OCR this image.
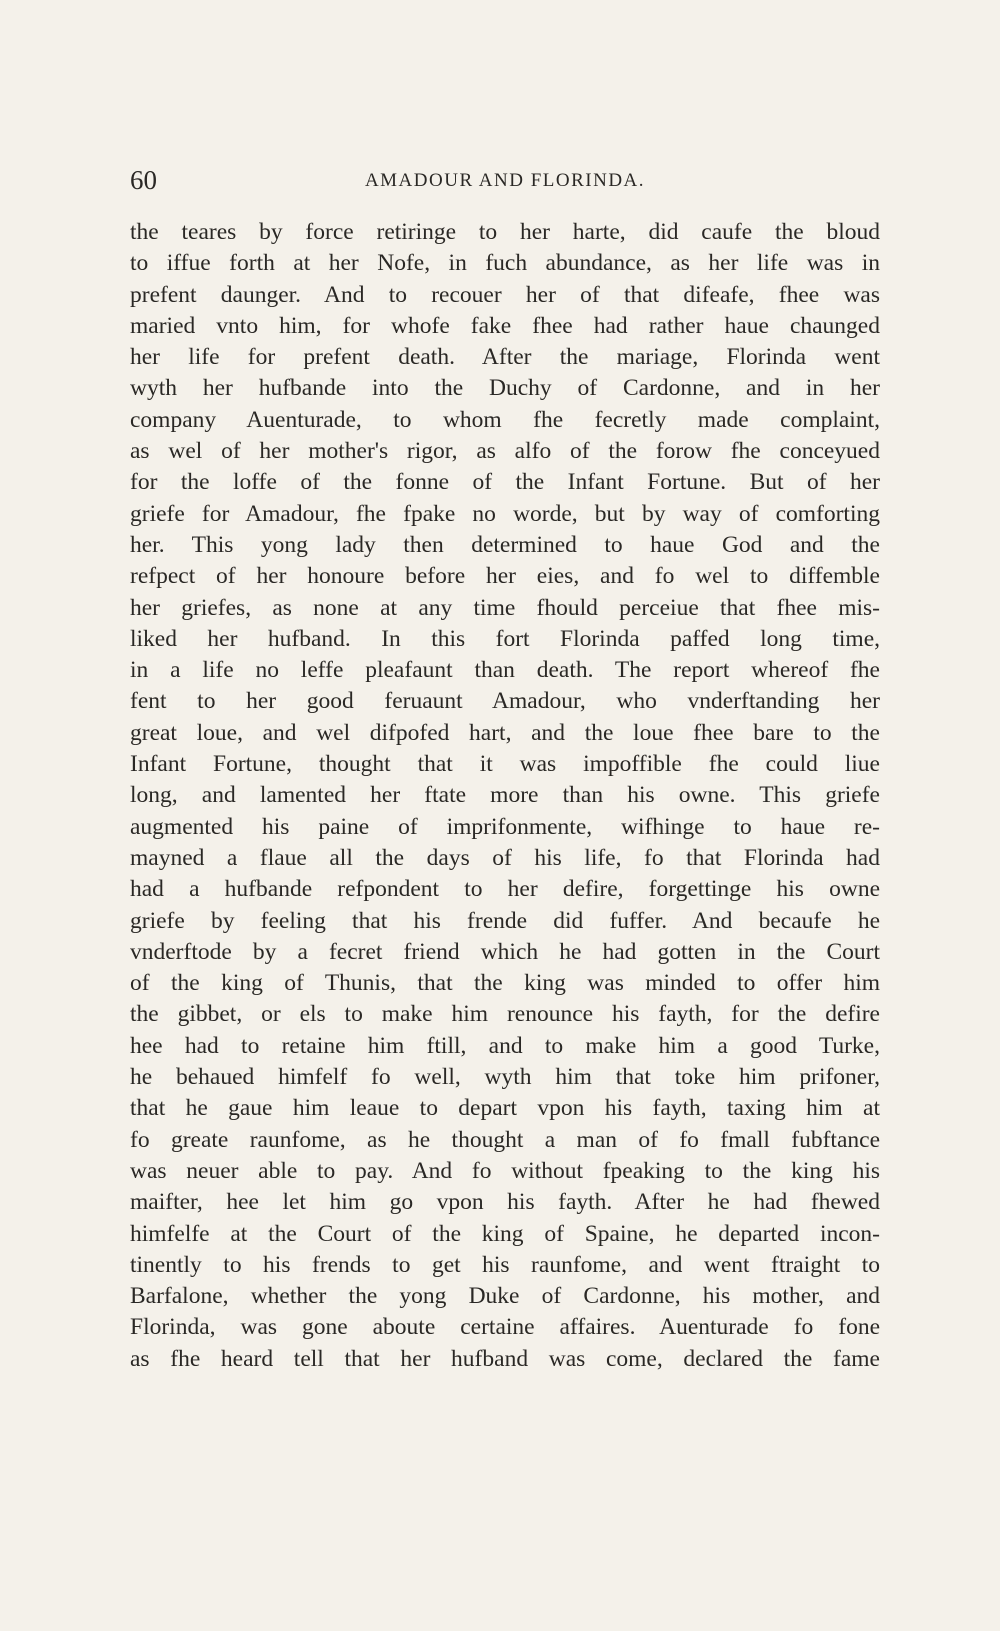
60	AMADOUR AND FLORINDA.
the teares by force retiringe to her harte, did caufe the bloud
to iffue forth at her Nofe, in fuch abundance, as her life was in
prefent daunger. And to recouer her of that difeafe, fhee was
maried vnto him, for whofe fake fhee had rather haue chaunged
her life for prefent death. After the mariage, Florinda went
wyth her hufbande into the Duchy of Cardonne, and in her
company Auenturade, to whom fhe fecretly made complaint,
as wel of her mother's rigor, as alfo of the forow fhe conceyued
for the loffe of the fonne of the Infant Fortune. But of her
griefe for Amadour, fhe fpake no worde, but by way of comforting
her. This yong lady then determined to haue God and the
refpect of her honoure before her eies, and fo wel to diffemble
her griefes, as none at any time fhould perceiue that fhee mis-
liked her hufband. In this fort Florinda paffed long time,
in a life no leffe pleafaunt than death. The report whereof fhe
fent to her good feruaunt Amadour, who vnderftanding her
great loue, and wel difpofed hart, and the loue fhee bare to the
Infant Fortune, thought that it was impoffible fhe could liue
long, and lamented her ftate more than his owne. This griefe
augmented his paine of imprifonmente, wifhinge to haue re-
mayned a flaue all the days of his life, fo that Florinda had
had a hufbande refpondent to her defire, forgettinge his owne
griefe by feeling that his frende did fuffer. And becaufe he
vnderftode by a fecret friend which he had gotten in the Court
of the king of Thunis, that the king was minded to offer him
the gibbet, or els to make him renounce his fayth, for the defire
hee had to retaine him ftill, and to make him a good Turke,
he behaued himfelf fo well, wyth him that toke him prifoner,
that he gaue him leaue to depart vpon his fayth, taxing him at
fo greate raunfome, as he thought a man of fo fmall fubftance
was neuer able to pay. And fo without fpeaking to the king his
maifter, hee let him go vpon his fayth. After he had fhewed
himfelfe at the Court of the king of Spaine, he departed incon-
tinently to his frends to get his raunfome, and went ftraight to
Barfalone, whether the yong Duke of Cardonne, his mother, and
Florinda, was gone aboute certaine affaires. Auenturade fo fone
as fhe heard tell that her hufband was come, declared the fame
